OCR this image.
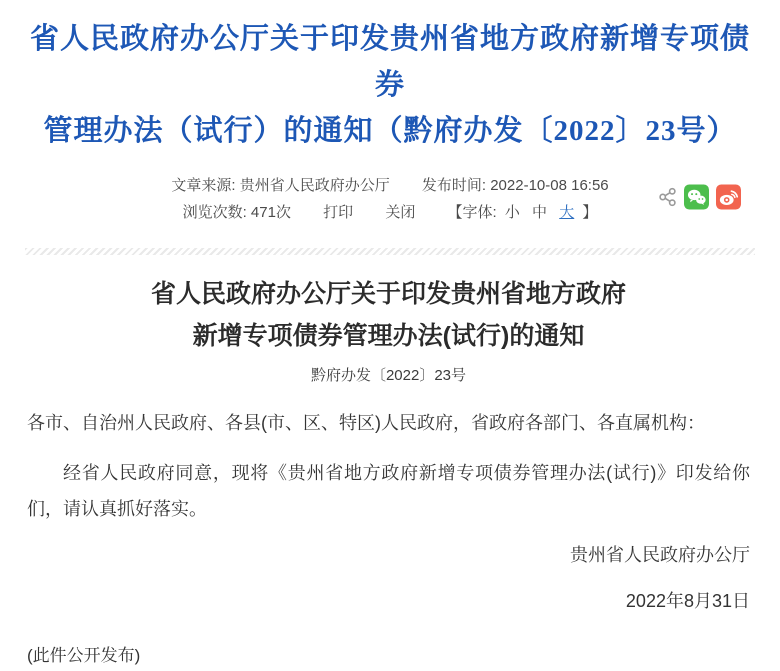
省人民政府办公厅关于印发贵州省地方政府新增专项债券
管理办法（试行）的通知（黔府办发〔2022〕23号）
文章来源: 贵州省人民政府办公厅 发布时间: 2022-10-08 16:56
浏览次数: 471次 打印 关闭 【字体: 小 中 大 】
省人民政府办公厅关于印发贵州省地方政府
新增专项债券管理办法(试行)的通知
黔府办发〔2022〕23号

各市、自治州人民政府、各县(市、区、特区)人民政府，省政府各部门、各直属机构：

经省人民政府同意，现将《贵州省地方政府新增专项债券管理办法(试行)》印发给你们，请认真抓好落实。

贵州省人民政府办公厅
2022年8月31日
(此件公开发布)
